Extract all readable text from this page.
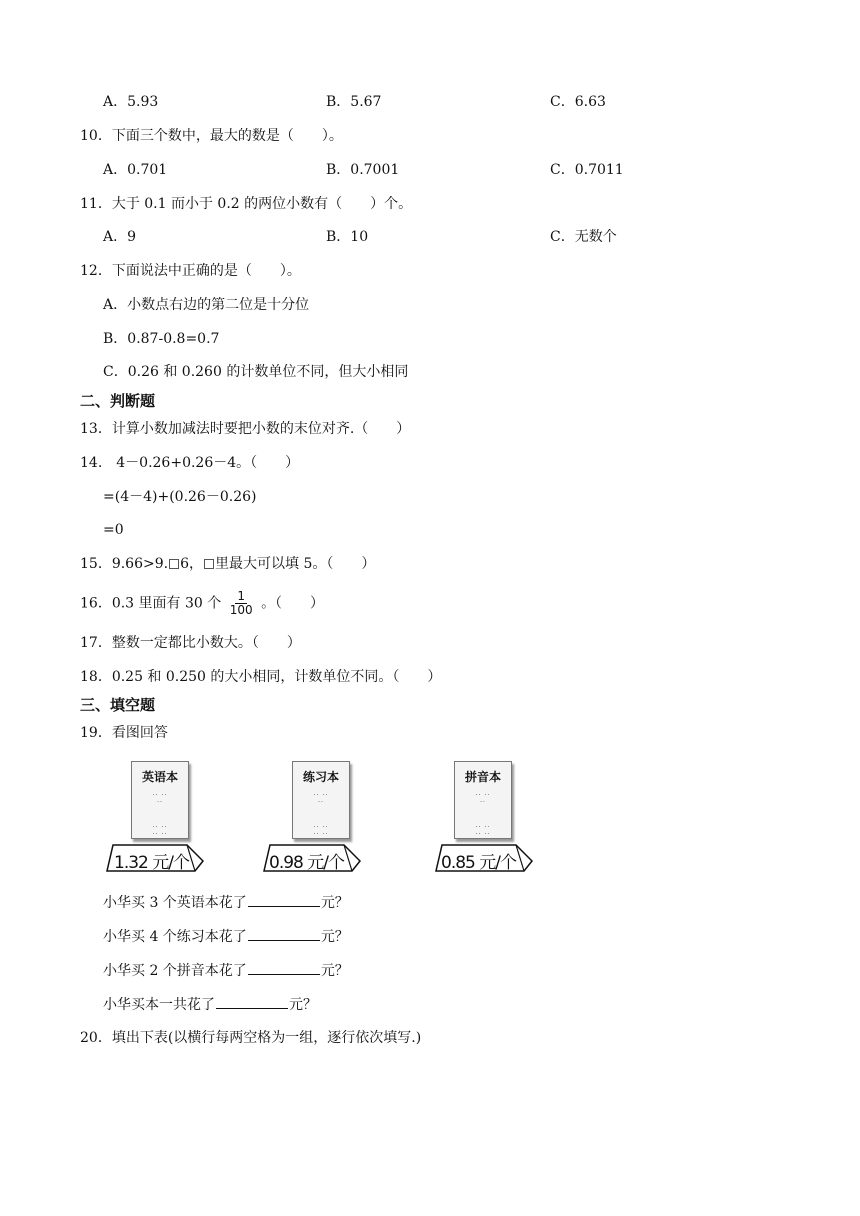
A．5.93	B．5.67	C．6.63
10．下面三个数中，最大的数是（　　）。
A．0.701	B．0.7001	C．0.7011
11．大于 0.1 而小于 0.2 的两位小数有（　　）个。
A．9	B．10	C．无数个
12．下面说法中正确的是（　　）。
A．小数点右边的第二位是十分位
B．0.87-0.8=0.7
C．0.26 和 0.260 的计数单位不同，但大小相同
二、判断题
13．计算小数加减法时要把小数的末位对齐.（　　）
14.　4－0.26+0.26－4。（　　）
=(4－4)+(0.26－0.26)
=0
15．9.66>9. 6， 里最大可以填 5。（　　）
16．0.3 里面有 30 个 $\frac{1}{100}$ 。（　　）
17．整数一定都比小数大。（　　）
18．0.25 和 0.250 的大小相同，计数单位不同。（　　）
三、填空题
19．看图回答
英语本
·· ··
··
·· ··
·· ··
1.32 元/个
练习本
·· ··
··
·· ··
·· ··
0.98 元/个
拼音本
·· ··
··
·· ··
·· ··
0.85 元/个
小华买 3 个英语本花了	元？
小华买 4 个练习本花了	元？
小华买 2 个拼音本花了	元？
小华买本一共花了	元？
20．填出下表(以横行每两空格为一组，逐行依次填写.)
